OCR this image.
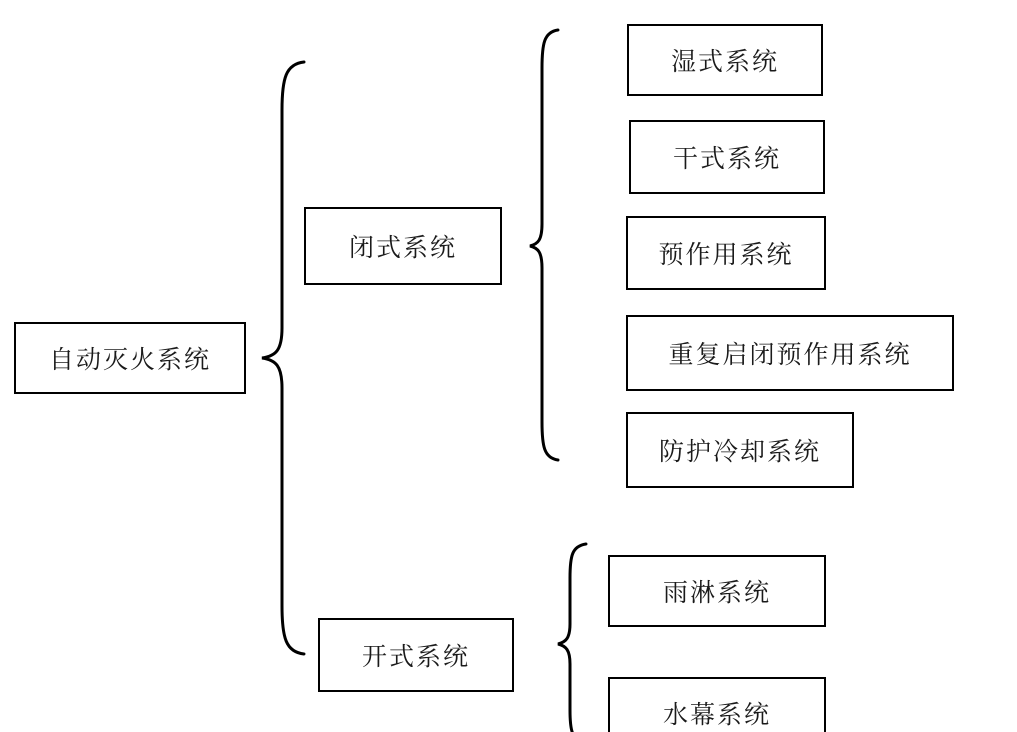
自动灭火系统
闭式系统
湿式系统
干式系统
预作用系统
重复启闭预作用系统
防护冷却系统
开式系统
雨淋系统
水幕系统
